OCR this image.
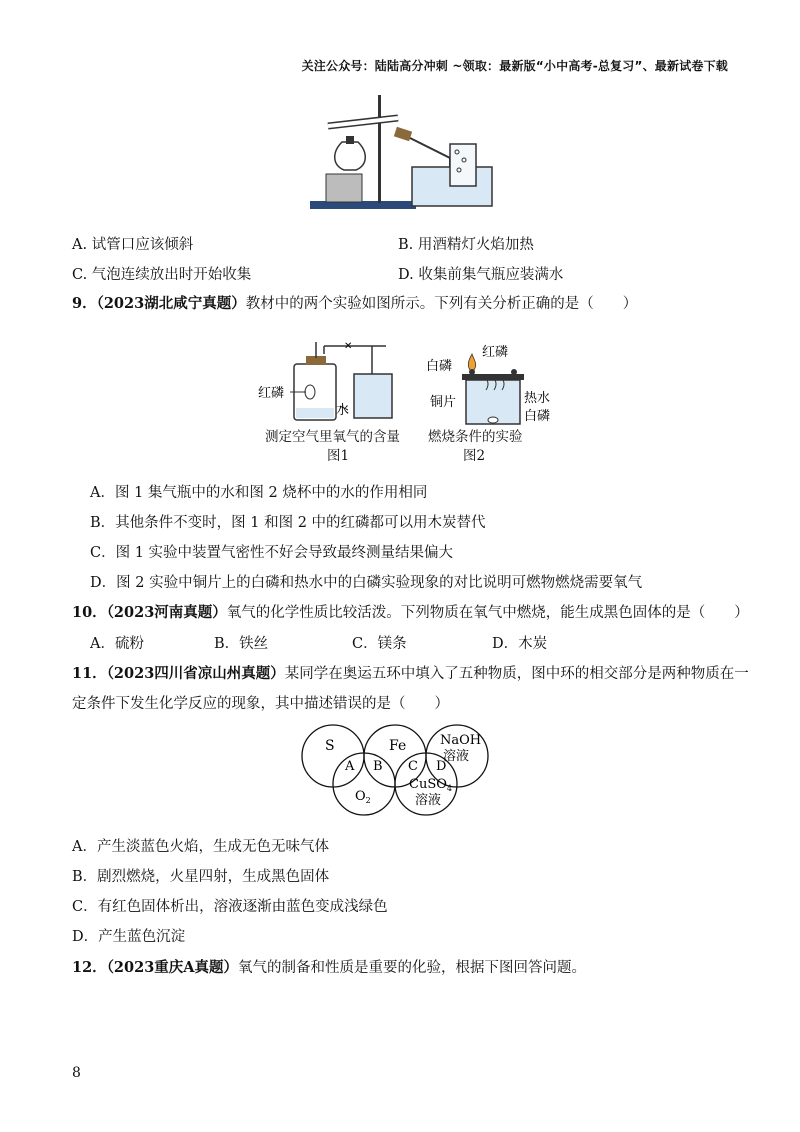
关注公众号：陆陆高分冲刺 ~领取：最新版“小中高考-总复习”、最新试卷下载
A. 试管口应该倾斜	B. 用酒精灯火焰加热
C. 气泡连续放出时开始收集	D. 收集前集气瓶应装满水
9．（2023湖北咸宁真题）教材中的两个实验如图所示。下列有关分析正确的是（　　）
✕
红磷
水
测定空气里氧气的含量
图1
白磷
红磷
铜片	热水
白磷
燃烧条件的实验
图2
A．图 1 集气瓶中的水和图 2 烧杯中的水的作用相同
B．其他条件不变时，图 1 和图 2 中的红磷都可以用木炭替代
C．图 1 实验中装置气密性不好会导致最终测量结果偏大
D．图 2 实验中铜片上的白磷和热水中的白磷实验现象的对比说明可燃物燃烧需要氧气
10．（2023河南真题）氧气的化学性质比较活泼。下列物质在氧气中燃烧，能生成黑色固体的是（　　）
A．硫粉	B．铁丝	C．镁条	D．木炭
11．（2023四川省凉山州真题）某同学在奥运五环中填入了五种物质，图中环的相交部分是两种物质在一
定条件下发生化学反应的现象，其中描述错误的是（　　）
S	Fe	NaOH
溶液
A B C D
$O_2$
CuSO$_4$
溶液
A．产生淡蓝色火焰，生成无色无味气体
B．剧烈燃烧，火星四射，生成黑色固体
C．有红色固体析出，溶液逐渐由蓝色变成浅绿色
D．产生蓝色沉淀
12．（2023重庆A真题）氧气的制备和性质是重要的化验，根据下图回答问题。
8
